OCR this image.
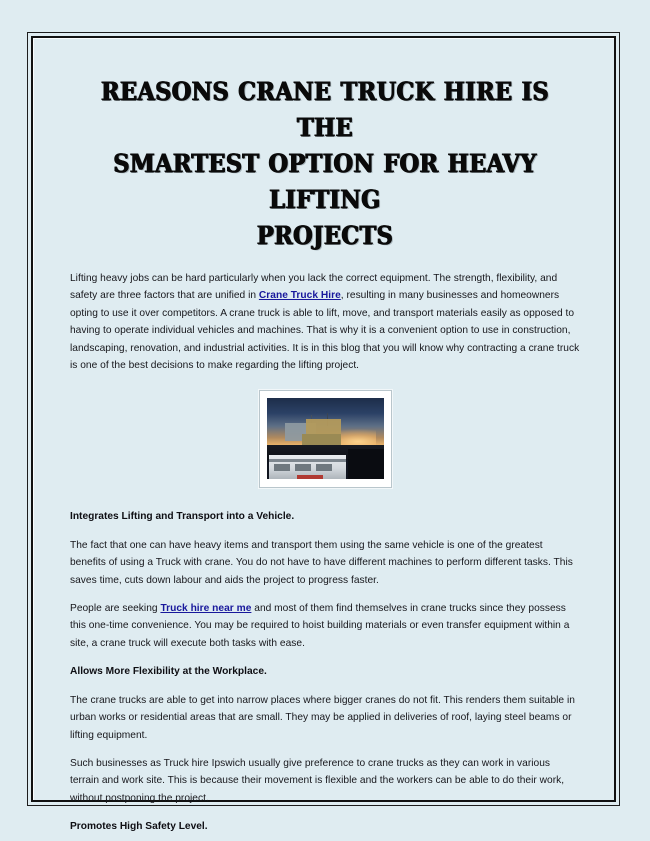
REASONS CRANE TRUCK HIRE IS THE
SMARTEST OPTION FOR HEAVY LIFTING
PROJECTS

Lifting heavy jobs can be hard particularly when you lack the correct equipment. The strength, flexibility, and safety are three factors that are unified in Crane Truck Hire, resulting in many businesses and homeowners opting to use it over competitors. A crane truck is able to lift, move, and transport materials easily as opposed to having to operate individual vehicles and machines. That is why it is a convenient option to use in construction, landscaping, renovation, and industrial activities. It is in this blog that you will know why contracting a crane truck is one of the best decisions to make regarding the lifting project.

Integrates Lifting and Transport into a Vehicle.

The fact that one can have heavy items and transport them using the same vehicle is one of the greatest benefits of using a Truck with crane. You do not have to have different machines to perform different tasks. This saves time, cuts down labour and aids the project to progress faster.

People are seeking Truck hire near me and most of them find themselves in crane trucks since they possess this one-time convenience. You may be required to hoist building materials or even transfer equipment within a site, a crane truck will execute both tasks with ease.

Allows More Flexibility at the Workplace.

The crane trucks are able to get into narrow places where bigger cranes do not fit. This renders them suitable in urban works or residential areas that are small. They may be applied in deliveries of roof, laying steel beams or lifting equipment.

Such businesses as Truck hire Ipswich usually give preference to crane trucks as they can work in various terrain and work site. This is because their movement is flexible and the workers can be able to do their work, without postponing the project.

Promotes High Safety Level.
